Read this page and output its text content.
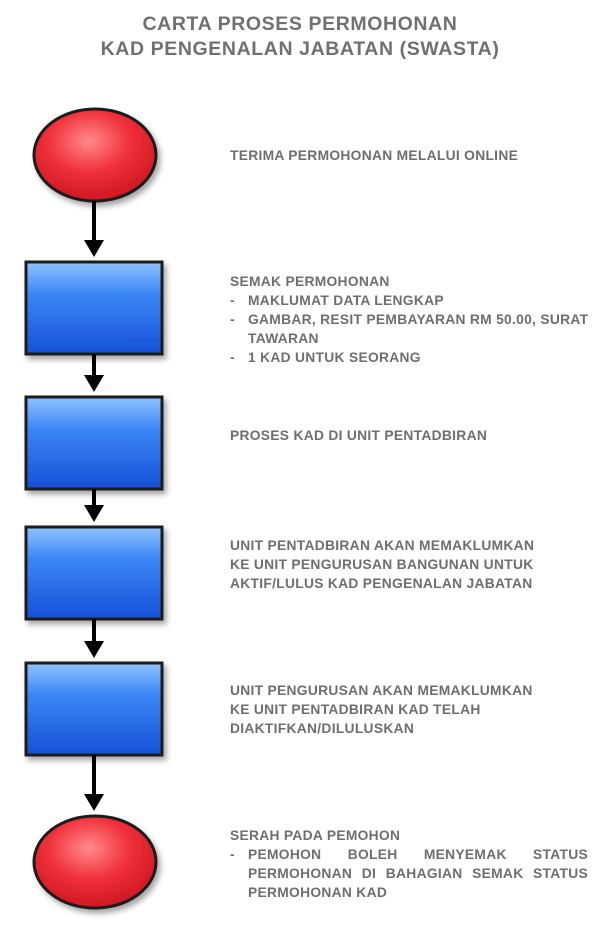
CARTA PROSES PERMOHONAN
KAD PENGENALAN JABATAN (SWASTA)
TERIMA PERMOHONAN MELALUI ONLINE
SEMAK PERMOHONAN
- MAKLUMAT DATA LENGKAP
- GAMBAR, RESIT PEMBAYARAN RM 50.00, SURAT TAWARAN
- 1 KAD UNTUK SEORANG
PROSES KAD DI UNIT PENTADBIRAN
UNIT PENTADBIRAN AKAN MEMAKLUMKAN
KE UNIT PENGURUSAN BANGUNAN UNTUK
AKTIF/LULUS KAD PENGENALAN JABATAN
UNIT PENGURUSAN AKAN MEMAKLUMKAN
KE UNIT PENTADBIRAN KAD TELAH
DIAKTIFKAN/DILULUSKAN
SERAH PADA PEMOHON
- PEMOHON BOLEH MENYEMAK STATUS PERMOHONAN DI BAHAGIAN SEMAK STATUS PERMOHONAN KAD
